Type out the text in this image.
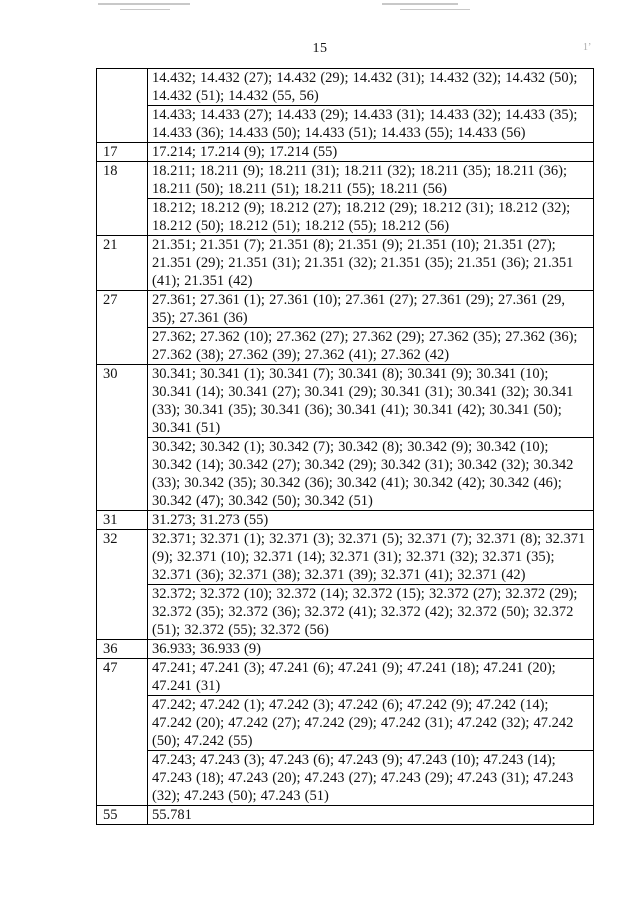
15	1’
	14.432; 14.432 (27); 14.432 (29); 14.432 (31); 14.432 (32); 14.432 (50); 14.432 (51); 14.432 (55, 56)
	14.433; 14.433 (27); 14.433 (29); 14.433 (31); 14.433 (32); 14.433 (35); 14.433 (36); 14.433 (50); 14.433 (51); 14.433 (55); 14.433 (56)
17	17.214; 17.214 (9); 17.214 (55)
18	18.211; 18.211 (9); 18.211 (31); 18.211 (32); 18.211 (35); 18.211 (36); 18.211 (50); 18.211 (51); 18.211 (55); 18.211 (56)
	18.212; 18.212 (9); 18.212 (27); 18.212 (29); 18.212 (31); 18.212 (32); 18.212 (50); 18.212 (51); 18.212 (55); 18.212 (56)
21	21.351; 21.351 (7); 21.351 (8); 21.351 (9); 21.351 (10); 21.351 (27); 21.351 (29); 21.351 (31); 21.351 (32); 21.351 (35); 21.351 (36); 21.351 (41); 21.351 (42)
27	27.361; 27.361 (1); 27.361 (10); 27.361 (27); 27.361 (29); 27.361 (29, 35); 27.361 (36)
	27.362; 27.362 (10); 27.362 (27); 27.362 (29); 27.362 (35); 27.362 (36); 27.362 (38); 27.362 (39); 27.362 (41); 27.362 (42)
30	30.341; 30.341 (1); 30.341 (7); 30.341 (8); 30.341 (9); 30.341 (10); 30.341 (14); 30.341 (27); 30.341 (29); 30.341 (31); 30.341 (32); 30.341 (33); 30.341 (35); 30.341 (36); 30.341 (41); 30.341 (42); 30.341 (50); 30.341 (51)
	30.342; 30.342 (1); 30.342 (7); 30.342 (8); 30.342 (9); 30.342 (10); 30.342 (14); 30.342 (27); 30.342 (29); 30.342 (31); 30.342 (32); 30.342 (33); 30.342 (35); 30.342 (36); 30.342 (41); 30.342 (42); 30.342 (46); 30.342 (47); 30.342 (50); 30.342 (51)
31	31.273; 31.273 (55)
32	32.371; 32.371 (1); 32.371 (3); 32.371 (5); 32.371 (7); 32.371 (8); 32.371 (9); 32.371 (10); 32.371 (14); 32.371 (31); 32.371 (32); 32.371 (35); 32.371 (36); 32.371 (38); 32.371 (39); 32.371 (41); 32.371 (42)
	32.372; 32.372 (10); 32.372 (14); 32.372 (15); 32.372 (27); 32.372 (29); 32.372 (35); 32.372 (36); 32.372 (41); 32.372 (42); 32.372 (50); 32.372 (51); 32.372 (55); 32.372 (56)
36	36.933; 36.933 (9)
47	47.241; 47.241 (3); 47.241 (6); 47.241 (9); 47.241 (18); 47.241 (20); 47.241 (31)
	47.242; 47.242 (1); 47.242 (3); 47.242 (6); 47.242 (9); 47.242 (14); 47.242 (20); 47.242 (27); 47.242 (29); 47.242 (31); 47.242 (32); 47.242 (50); 47.242 (55)
	47.243; 47.243 (3); 47.243 (6); 47.243 (9); 47.243 (10); 47.243 (14); 47.243 (18); 47.243 (20); 47.243 (27); 47.243 (29); 47.243 (31); 47.243 (32); 47.243 (50); 47.243 (51)
55	55.781
